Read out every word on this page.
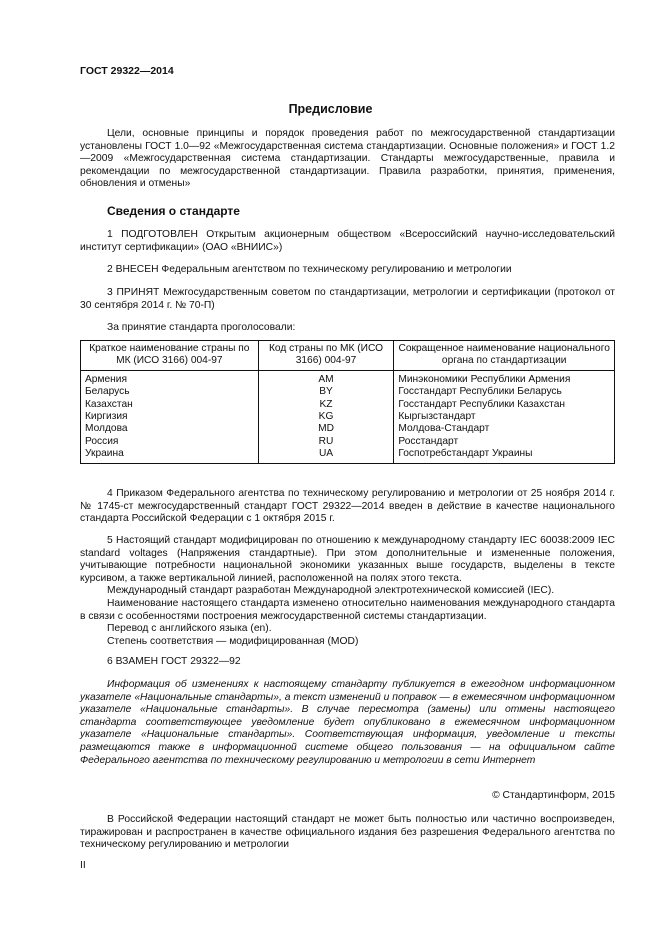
ГОСТ 29322—2014
Предисловие

Цели, основные принципы и порядок проведения работ по межгосударственной стандартизации установлены ГОСТ 1.0—92 «Межгосударственная система стандартизации. Основные положения» и ГОСТ 1.2—2009 «Межгосударственная система стандартизации. Стандарты межгосударственные, правила и рекомендации по межгосударственной стандартизации. Правила разработки, принятия, применения, обновления и отмены»

Сведения о стандарте

1 ПОДГОТОВЛЕН Открытым акционерным обществом «Всероссийский научно-исследовательский институт сертификации» (ОАО «ВНИИС»)

2 ВНЕСЕН Федеральным агентством по техническому регулированию и метрологии

3 ПРИНЯТ Межгосударственным советом по стандартизации, метрологии и сертификации (протокол от 30 сентября 2014 г. № 70-П)

За принятие стандарта проголосовали:

Краткое наименование страны по МК (ИСО 3166) 004-97	Код страны по МК (ИСО 3166) 004-97	Сокращенное наименование национального органа по стандартизации
Армения	AM	Минэкономики Республики Армения
Беларусь	BY	Госстандарт Республики Беларусь
Казахстан	KZ	Госстандарт Республики Казахстан
Киргизия	KG	Кыргызстандарт
Молдова	MD	Молдова-Стандарт
Россия	RU	Росстандарт
Украина	UA	Госпотребстандарт Украины

4 Приказом Федерального агентства по техническому регулированию и метрологии от 25 ноября 2014 г. № 1745-ст межгосударственный стандарт ГОСТ 29322—2014 введен в действие в качестве национального стандарта Российской Федерации с 1 октября 2015 г.

5 Настоящий стандарт модифицирован по отношению к международному стандарту IEC 60038:2009 IEC standard voltages (Напряжения стандартные). При этом дополнительные и измененные положения, учитывающие потребности национальной экономики указанных выше государств, выделены в тексте курсивом, а также вертикальной линией, расположенной на полях этого текста.

Международный стандарт разработан Международной электротехнической комиссией (IEC).

Наименование настоящего стандарта изменено относительно наименования международного стандарта в связи с особенностями построения межгосударственной системы стандартизации.

Перевод с английского языка (en).

Степень соответствия — модифицированная (MOD)

6 ВЗАМЕН ГОСТ 29322—92

Информация об изменениях к настоящему стандарту публикуется в ежегодном информационном указателе «Национальные стандарты», а текст изменений и поправок — в ежемесячном информационном указателе «Национальные стандарты». В случае пересмотра (замены) или отмены настоящего стандарта соответствующее уведомление будет опубликовано в ежемесячном информационном указателе «Национальные стандарты». Соответствующая информация, уведомление и тексты размещаются также в информационной системе общего пользования — на официальном сайте Федерального агентства по техническому регулированию и метрологии в сети Интернет

© Стандартинформ, 2015

В Российской Федерации настоящий стандарт не может быть полностью или частично воспроизведен, тиражирован и распространен в качестве официального издания без разрешения Федерального агентства по техническому регулированию и метрологии

II
